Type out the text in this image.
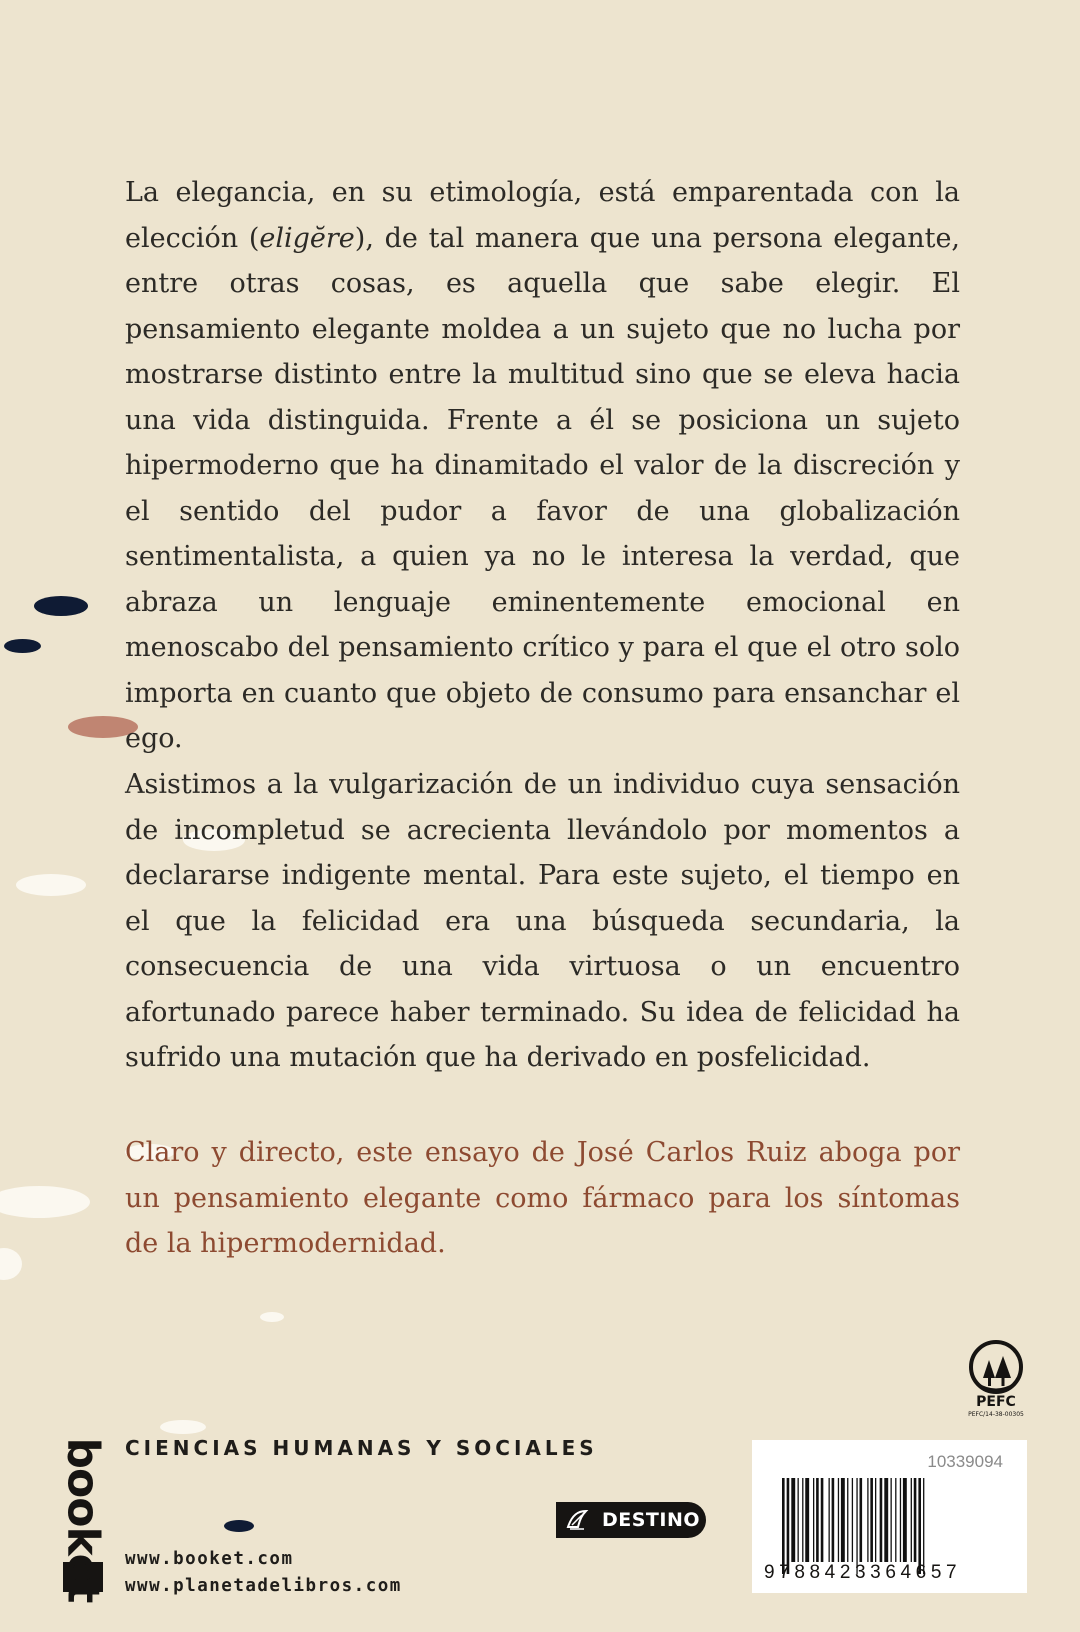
La elegancia, en su etimología, está emparentada con la elección (eligĕre), de tal manera que una persona elegante, entre otras cosas, es aquella que sabe elegir. El pensamiento elegante moldea a un sujeto que no lucha por mostrarse distinto entre la multitud sino que se eleva hacia una vida distinguida. Frente a él se posiciona un sujeto hipermoderno que ha dinamitado el valor de la discreción y el sentido del pudor a favor de una globalización sentimentalista, a quien ya no le interesa la verdad, que abraza un lenguaje eminentemente emocional en menoscabo del pensamiento crítico y para el que el otro solo importa en cuanto que objeto de consumo para ensanchar el ego.

Asistimos a la vulgarización de un individuo cuya sensación de incompletud se acrecienta llevándolo por momentos a declararse indigente mental. Para este sujeto, el tiempo en el que la felicidad era una búsqueda secundaria, la consecuencia de una vida virtuosa o un encuentro afortunado parece haber terminado. Su idea de felicidad ha sufrido una mutación que ha derivado en posfelicidad.

Claro y directo, este ensayo de José Carlos Ruiz aboga por un pensamiento elegante como fármaco para los síntomas de la hipermodernidad.

PEFC
PEFC/14-38-00305
CIENCIAS HUMANAS Y SOCIALES
booket www.booket.com
www.planetadelibros.com
DESTINO
10339094
9788423364657
